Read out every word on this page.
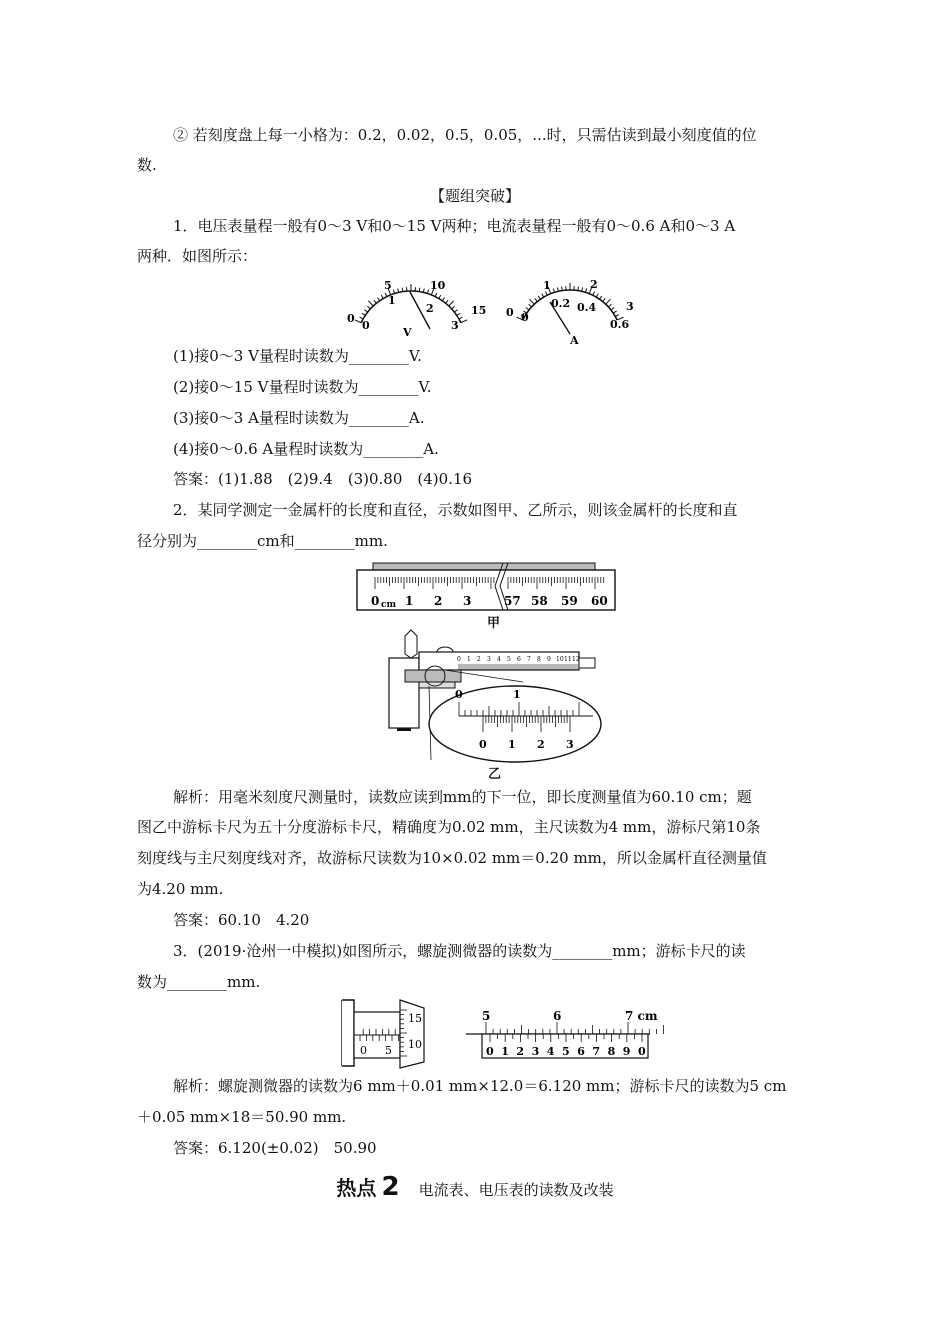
② 若刻度盘上每一小格为：0.2，0.02，0.5，0.05，...时，只需估读到最小刻度值的位
数.
【题组突破】
1．电压表量程一般有0～3 V和0～15 V两种；电流表量程一般有0～0.6 A和0～3 A
两种．如图所示：
0
5	10
15
0
1
2
3
V
0
1	2
3
0
0.2 0.4
0.6
A
(1)接0～3 V量程时读数为________V.
(2)接0～15 V量程时读数为________V.
(3)接0～3 A量程时读数为________A.
(4)接0～0.6 A量程时读数为________A.
答案：(1)1.88　(2)9.4　(3)0.80　(4)0.16
2．某同学测定一金属杆的长度和直径，示数如图甲、乙所示，则该金属杆的长度和直
径分别为________cm和________mm.
0 cm 1 2 3	57 58 59 60
甲
0 1 2 3 4 5 6 7 8 9 10 11 12
0	1
0 1 2 3
乙
解析：用毫米刻度尺测量时，读数应读到mm的下一位，即长度测量值为60.10 cm；题
图乙中游标卡尺为五十分度游标卡尺，精确度为0.02 mm，主尺读数为4 mm，游标尺第10条
刻度线与主尺刻度线对齐，故游标尺读数为10×0.02 mm＝0.20 mm，所以金属杆直径测量值
为4.20 mm.
答案：60.10　4.20
3．(2019·沧州一中模拟)如图所示，螺旋测微器的读数为________mm；游标卡尺的读
数为________mm.
0 5
15
10
5	6	7 cm
0 1 2 3 4 5 6 7 8 9 0
解析：螺旋测微器的读数为6 mm＋0.01 mm×12.0＝6.120 mm；游标卡尺的读数为5 cm
＋0.05 mm×18＝50.90 mm.
答案：6.120(±0.02)　50.90
热点 2 电流表、电压表的读数及改装
